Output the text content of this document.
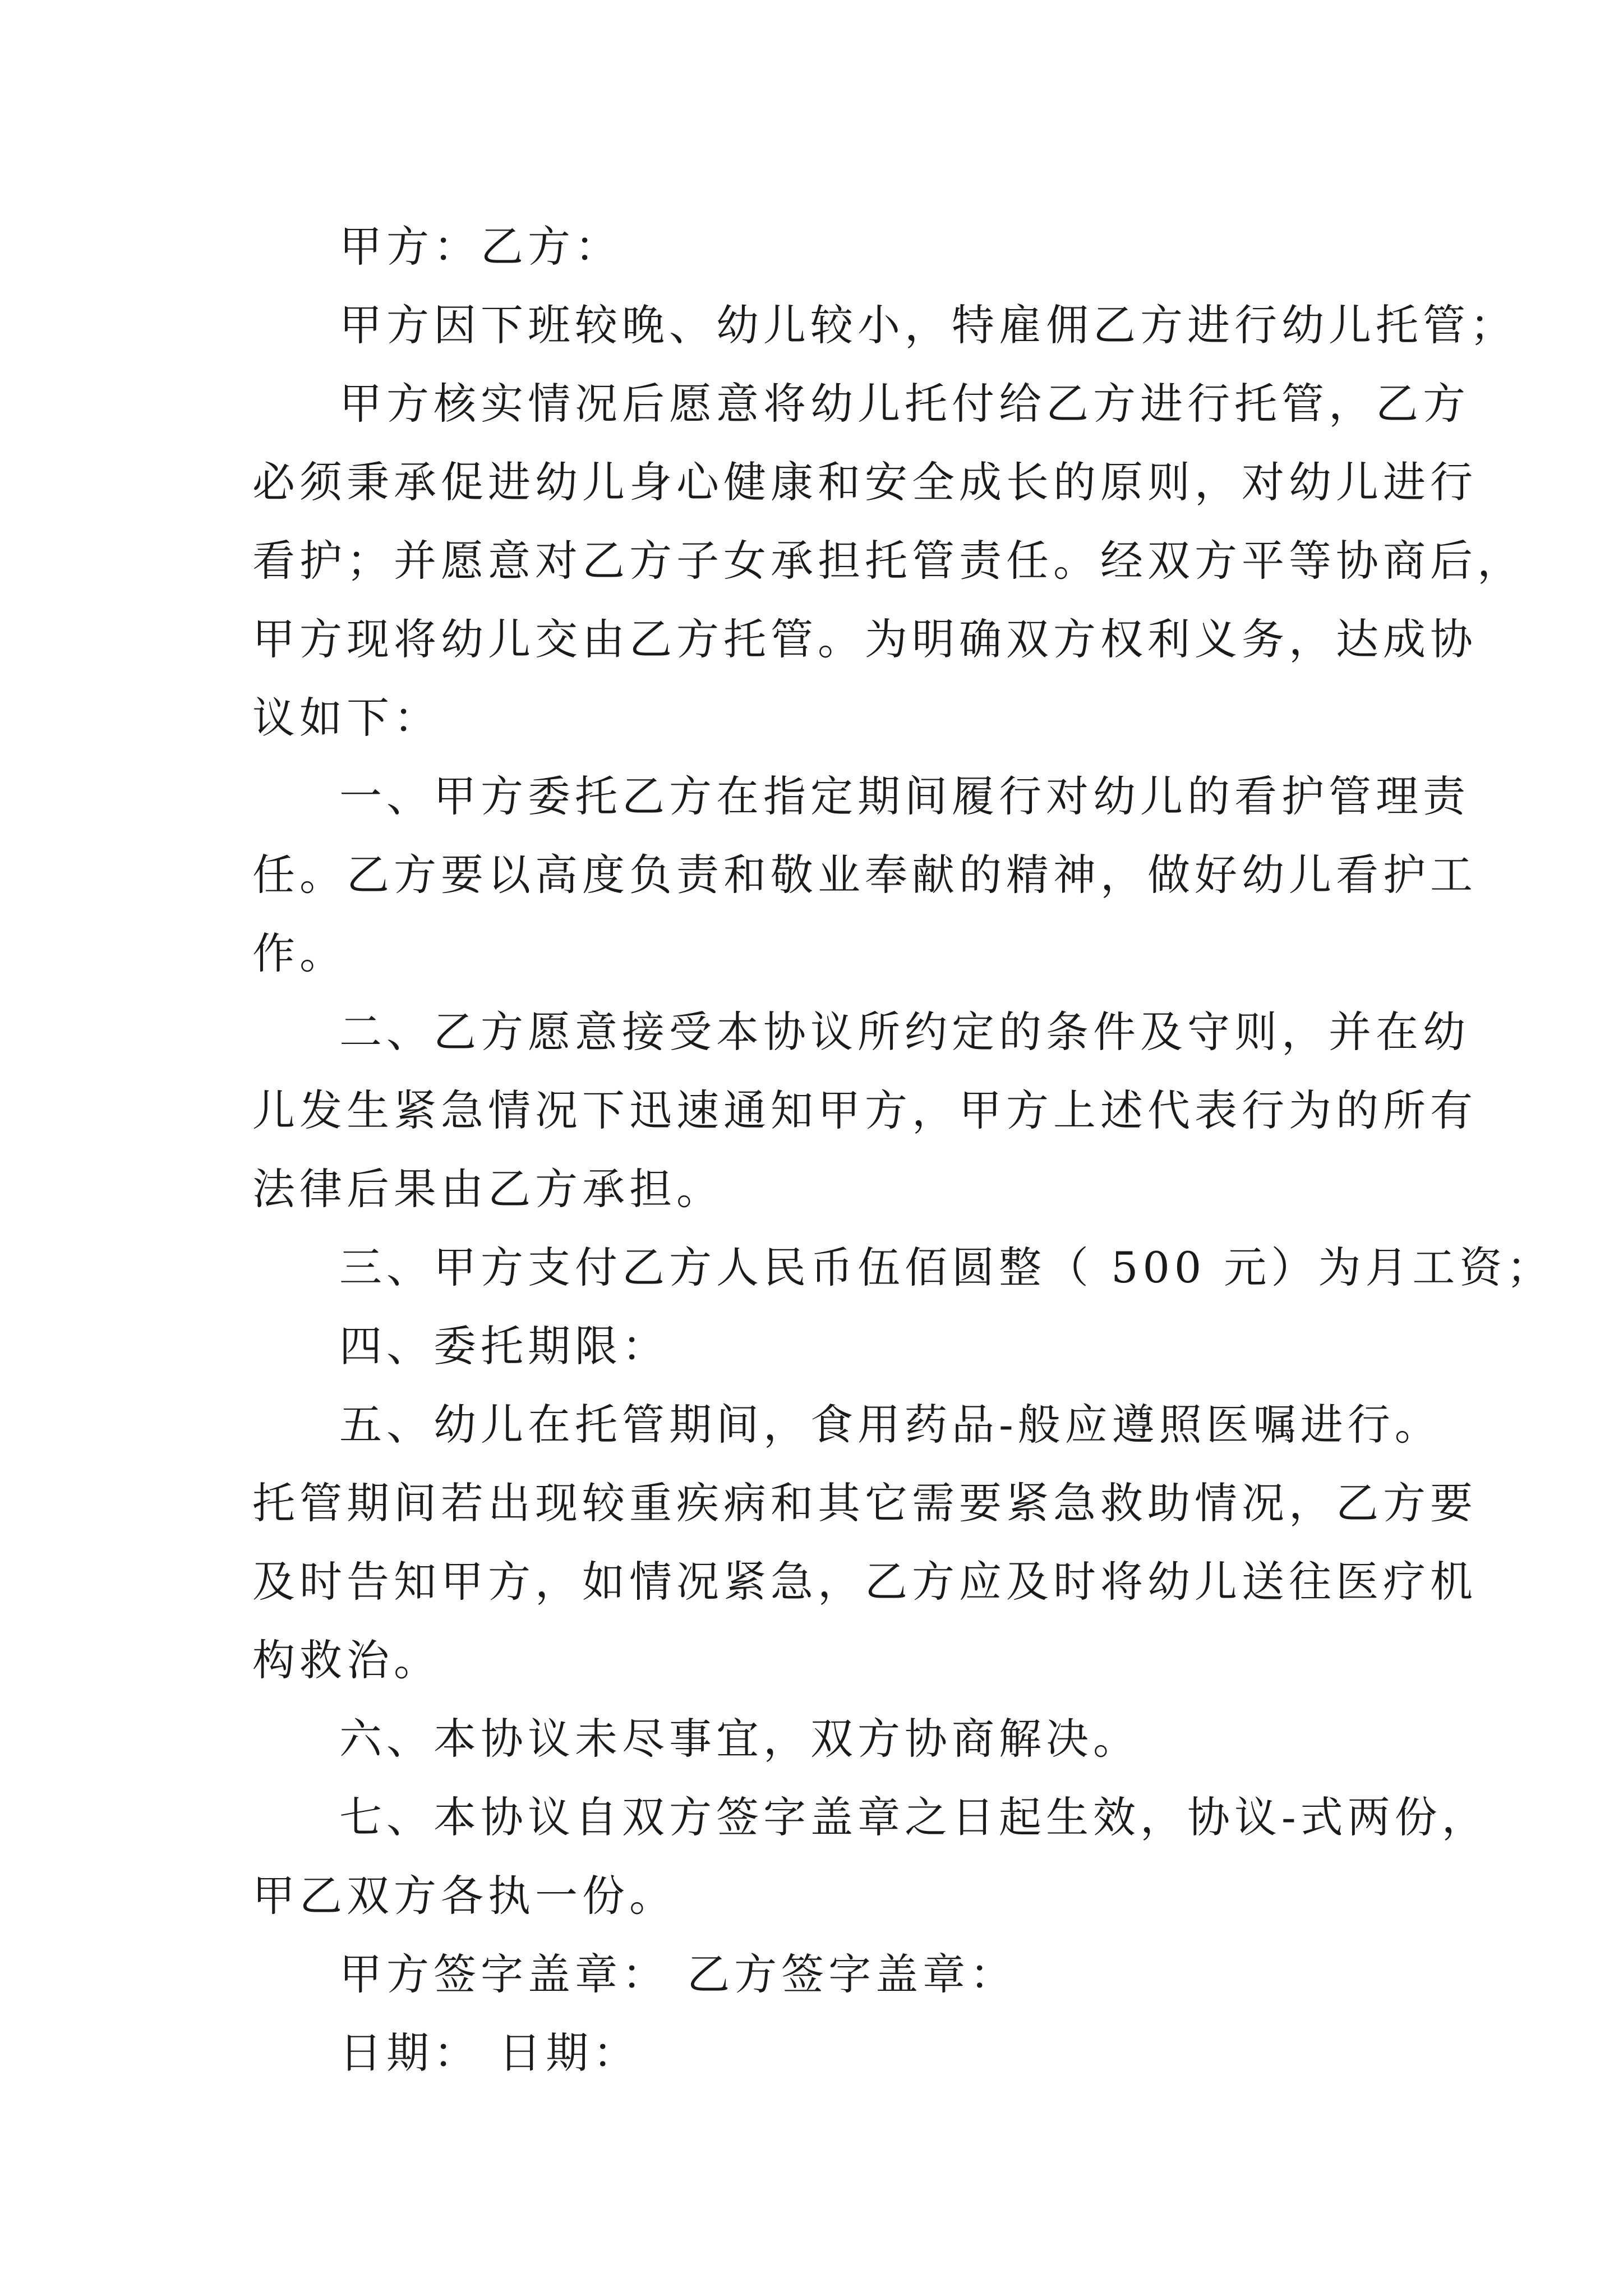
甲方：乙方：
甲方因下班较晚、幼儿较小，特雇佣乙方进行幼儿托管；
甲方核实情况后愿意将幼儿托付给乙方进行托管，乙方
必须秉承促进幼儿身心健康和安全成长的原则，对幼儿进行
看护；并愿意对乙方子女承担托管责任。经双方平等协商后，
甲方现将幼儿交由乙方托管。为明确双方权利义务，达成协
议如下：
一、甲方委托乙方在指定期间履行对幼儿的看护管理责
任。乙方要以高度负责和敬业奉献的精神，做好幼儿看护工
作。
二、乙方愿意接受本协议所约定的条件及守则，并在幼
儿发生紧急情况下迅速通知甲方，甲方上述代表行为的所有
法律后果由乙方承担。
三、甲方支付乙方人民币伍佰圆整（ 500 元）为月工资；
四、委托期限：
五、幼儿在托管期间，食用药品-般应遵照医嘱进行。
托管期间若出现较重疾病和其它需要紧急救助情况，乙方要
及时告知甲方，如情况紧急，乙方应及时将幼儿送往医疗机
构救治。
六、本协议未尽事宜，双方协商解决。
七、本协议自双方签字盖章之日起生效，协议-式两份，
甲乙双方各执一份。
甲方签字盖章： 乙方签字盖章：
日期： 日期：
